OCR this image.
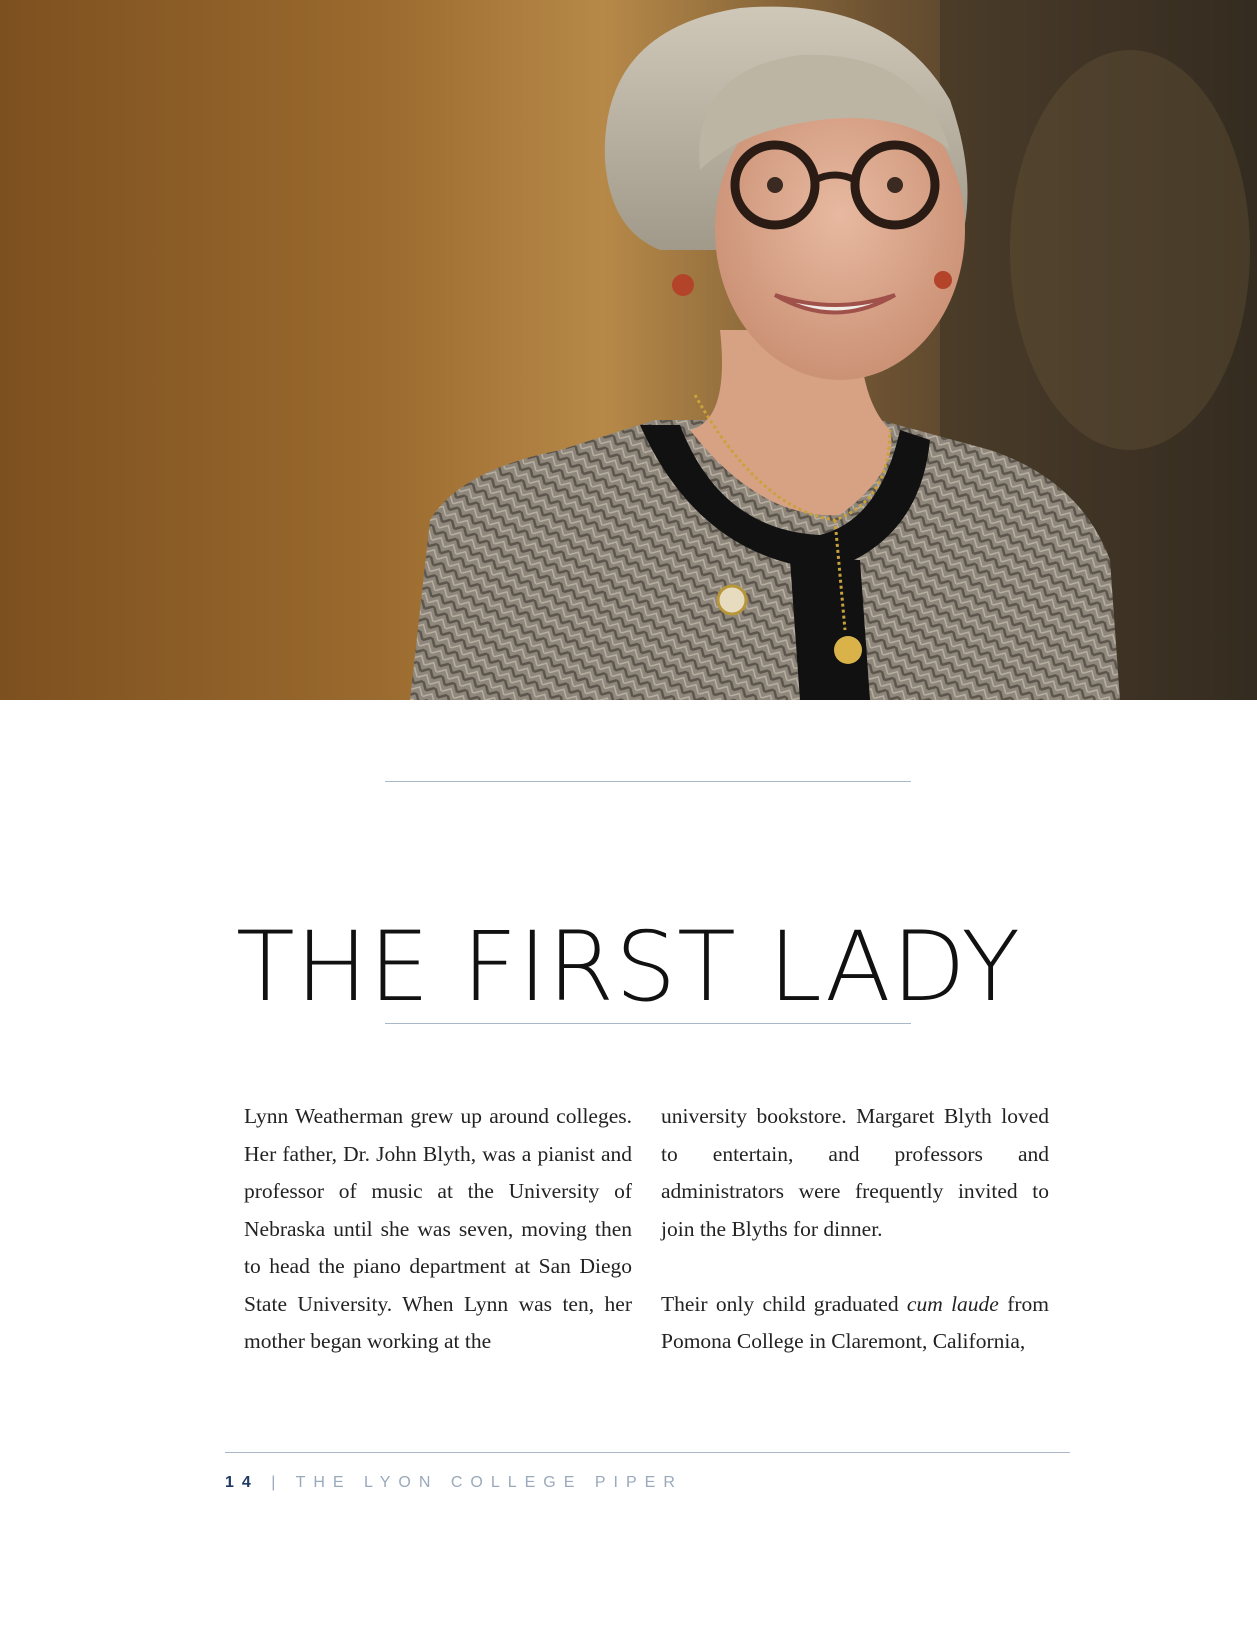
THE FIRST LADY

Lynn Weatherman grew up around colleges. Her father, Dr. John Blyth, was a pianist and professor of music at the University of Nebraska until she was seven, moving then to head the piano department at San Diego State University. When Lynn was ten, her mother began working at the

university bookstore. Margaret Blyth loved to entertain, and professors and administrators were frequently invited to join the Blyths for dinner.

Their only child graduated cum laude from Pomona College in Claremont, California,

14 | THE LYON COLLEGE PIPER
